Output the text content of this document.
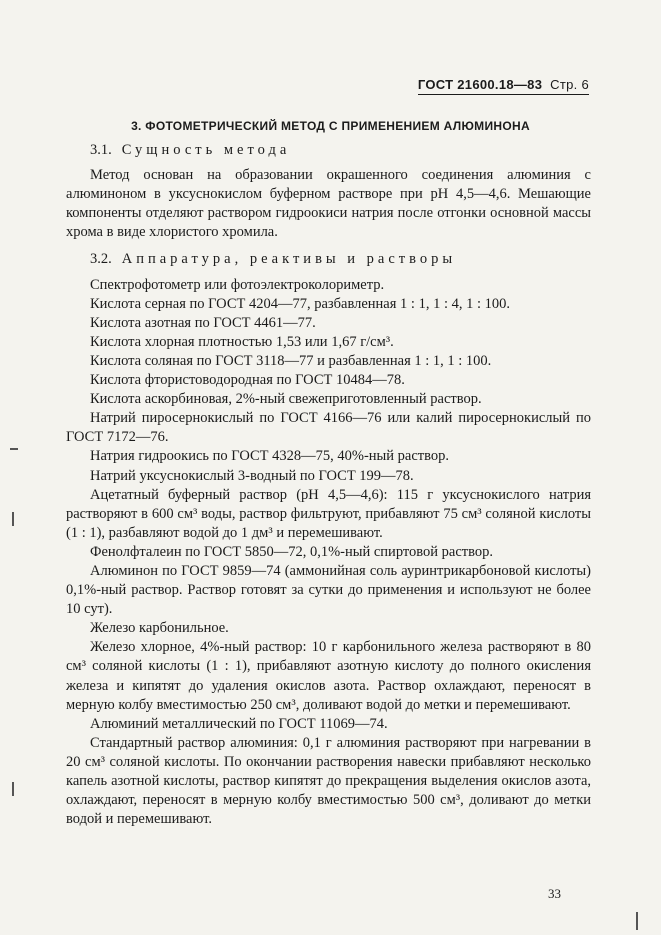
ГОСТ 21600.18—83 Стр. 6
3. ФОТОМЕТРИЧЕСКИЙ МЕТОД С ПРИМЕНЕНИЕМ АЛЮМИНОНА
3.1. Сущность метода

Метод основан на образовании окрашенного соединения алюминия с алюминоном в уксуснокислом буферном растворе при pH 4,5—4,6. Мешающие компоненты отделяют раствором гидроокиси натрия после отгонки основной массы хрома в виде хлористого хромила.

3.2. Аппаратура, реактивы и растворы

Спектрофотометр или фотоэлектроколориметр.

Кислота серная по ГОСТ 4204—77, разбавленная 1 : 1, 1 : 4, 1 : 100.

Кислота азотная по ГОСТ 4461—77.

Кислота хлорная плотностью 1,53 или 1,67 г/см³.

Кислота соляная по ГОСТ 3118—77 и разбавленная 1 : 1, 1 : 100.

Кислота фтористоводородная по ГОСТ 10484—78.

Кислота аскорбиновая, 2%-ный свежеприготовленный раствор.

Натрий пиросернокислый по ГОСТ 4166—76 или калий пиросернокислый по ГОСТ 7172—76.

Натрия гидроокись по ГОСТ 4328—75, 40%-ный раствор.

Натрий уксуснокислый 3-водный по ГОСТ 199—78.

Ацетатный буферный раствор (pH 4,5—4,6): 115 г уксуснокислого натрия растворяют в 600 см³ воды, раствор фильтруют, прибавляют 75 см³ соляной кислоты (1 : 1), разбавляют водой до 1 дм³ и перемешивают.

Фенолфталеин по ГОСТ 5850—72, 0,1%-ный спиртовой раствор.

Алюминон по ГОСТ 9859—74 (аммонийная соль ауринтрикарбоновой кислоты) 0,1%-ный раствор. Раствор готовят за сутки до применения и используют не более 10 сут).

Железо карбонильное.

Железо хлорное, 4%-ный раствор: 10 г карбонильного железа растворяют в 80 см³ соляной кислоты (1 : 1), прибавляют азотную кислоту до полного окисления железа и кипятят до удаления окислов азота. Раствор охлаждают, переносят в мерную колбу вместимостью 250 см³, доливают водой до метки и перемешивают.

Алюминий металлический по ГОСТ 11069—74.

Стандартный раствор алюминия: 0,1 г алюминия растворяют при нагревании в 20 см³ соляной кислоты. По окончании растворения навески прибавляют несколько капель азотной кислоты, раствор кипятят до прекращения выделения окислов азота, охлаждают, переносят в мерную колбу вместимостью 500 см³, доливают до метки водой и перемешивают.

33
